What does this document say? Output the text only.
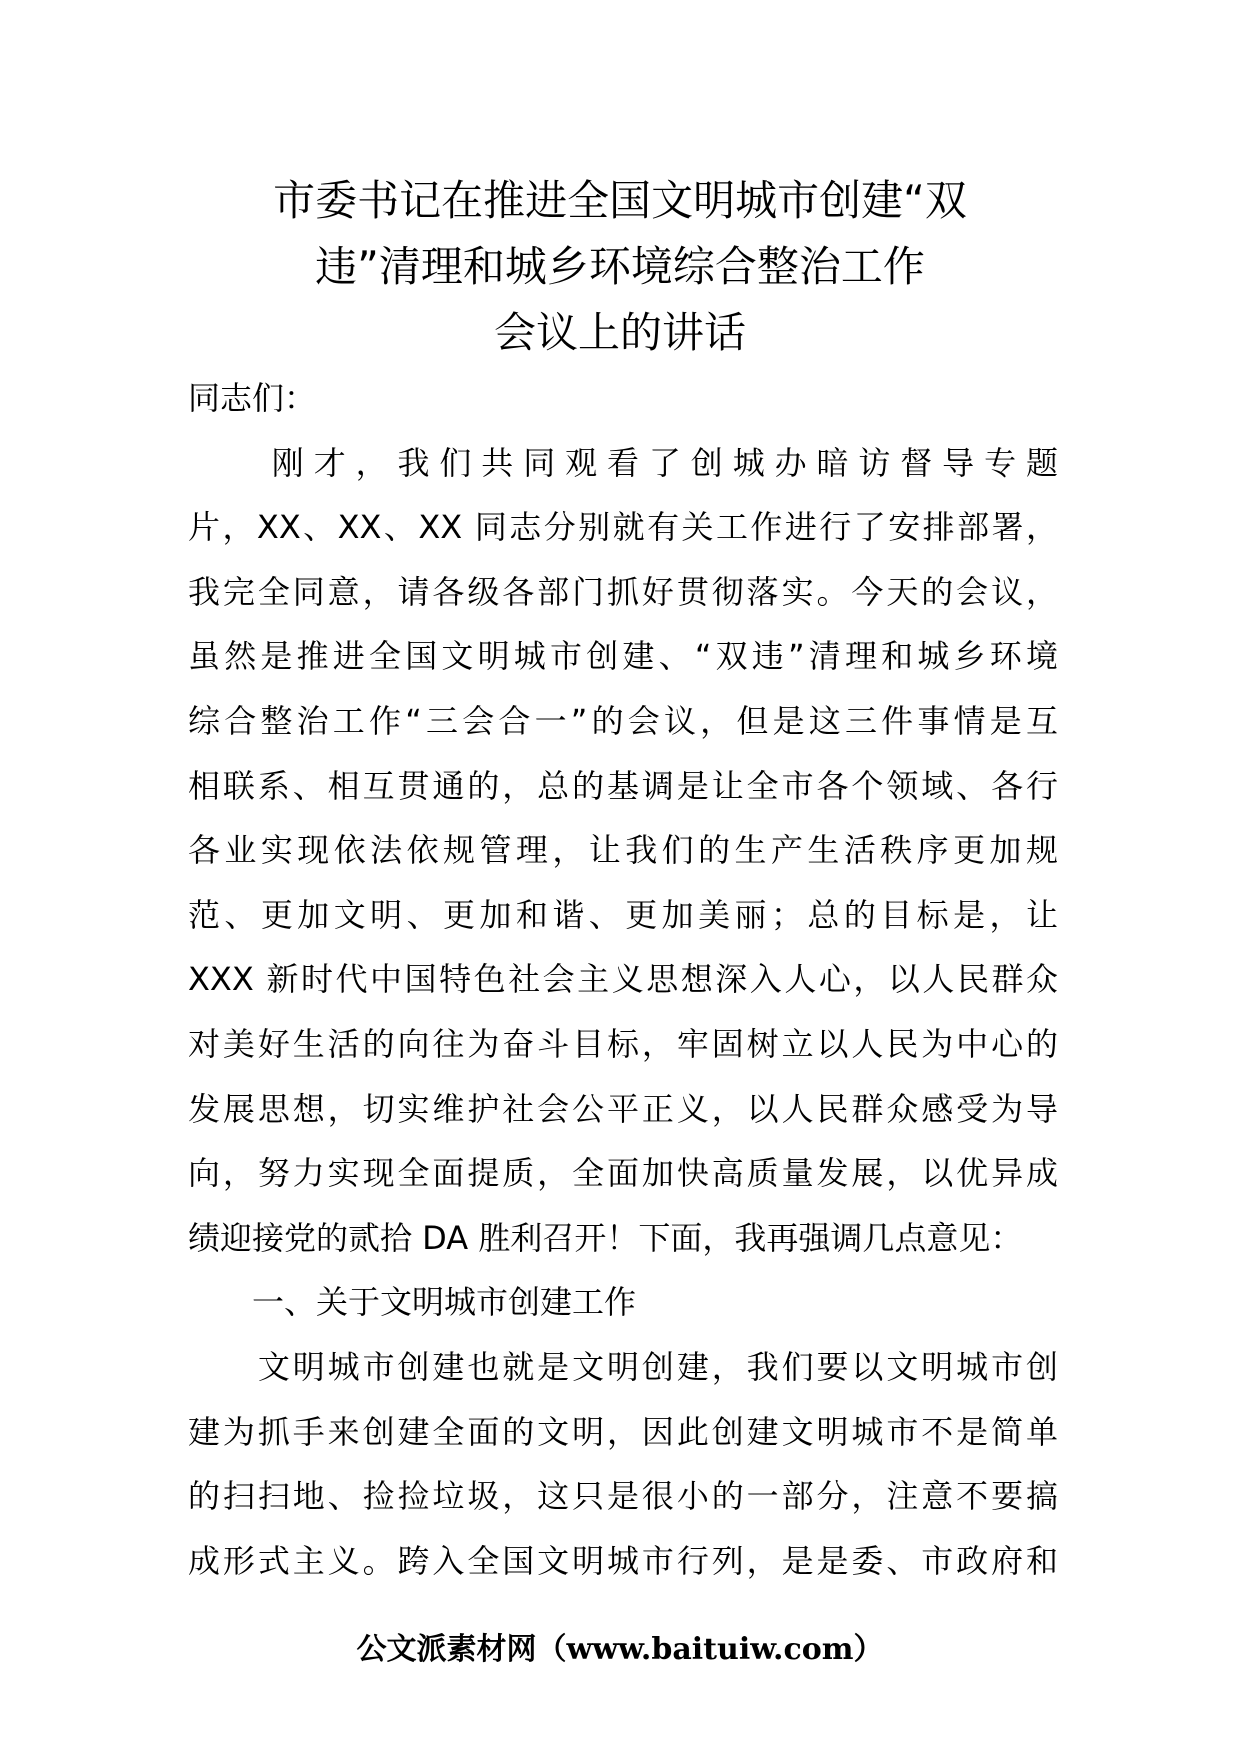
市委书记在推进全国文明城市创建“双
违”清理和城乡环境综合整治工作
会议上的讲话
同志们：
　　刚才，我们共同观看了创城办暗访督导专题
片，XX、XX、XX 同志分别就有关工作进行了安排部署，
我完全同意，请各级各部门抓好贯彻落实。今天的会议，
虽然是推进全国文明城市创建、“双违”清理和城乡环境
综合整治工作“三会合一”的会议，但是这三件事情是互
相联系、相互贯通的，总的基调是让全市各个领域、各行
各业实现依法依规管理，让我们的生产生活秩序更加规
范、更加文明、更加和谐、更加美丽；总的目标是，让
XXX 新时代中国特色社会主义思想深入人心，以人民群众
对美好生活的向往为奋斗目标，牢固树立以人民为中心的
发展思想，切实维护社会公平正义，以人民群众感受为导
向，努力实现全面提质，全面加快高质量发展，以优异成
绩迎接党的贰拾 DA 胜利召开！下面，我再强调几点意见：
　　一、关于文明城市创建工作
　　文明城市创建也就是文明创建，我们要以文明城市创
建为抓手来创建全面的文明，因此创建文明城市不是简单
的扫扫地、捡捡垃圾，这只是很小的一部分，注意不要搞
成形式主义。跨入全国文明城市行列，是是委、市政府和
公文派素材网（www.baituiw.com）
